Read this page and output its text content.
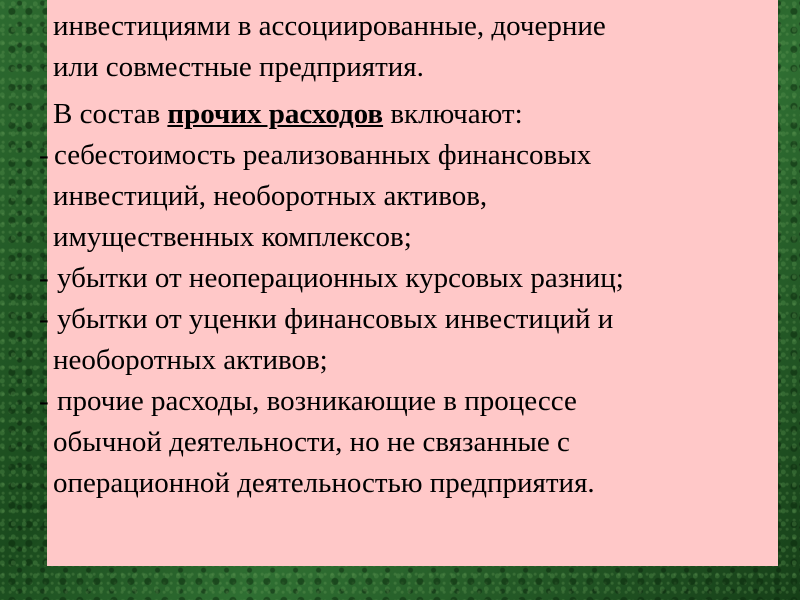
инвестициями в ассоциированные, дочерние
или совместные предприятия.
В состав прочих расходов включают:
- себестоимость реализованных финансовых
инвестиций, необоротных активов,
имущественных комплексов;
- убытки от неоперационных курсовых разниц;
- убытки от уценки финансовых инвестиций и
необоротных активов;
- прочие расходы, возникающие в процессе
обычной деятельности, но не связанные с
операционной деятельностью предприятия.
